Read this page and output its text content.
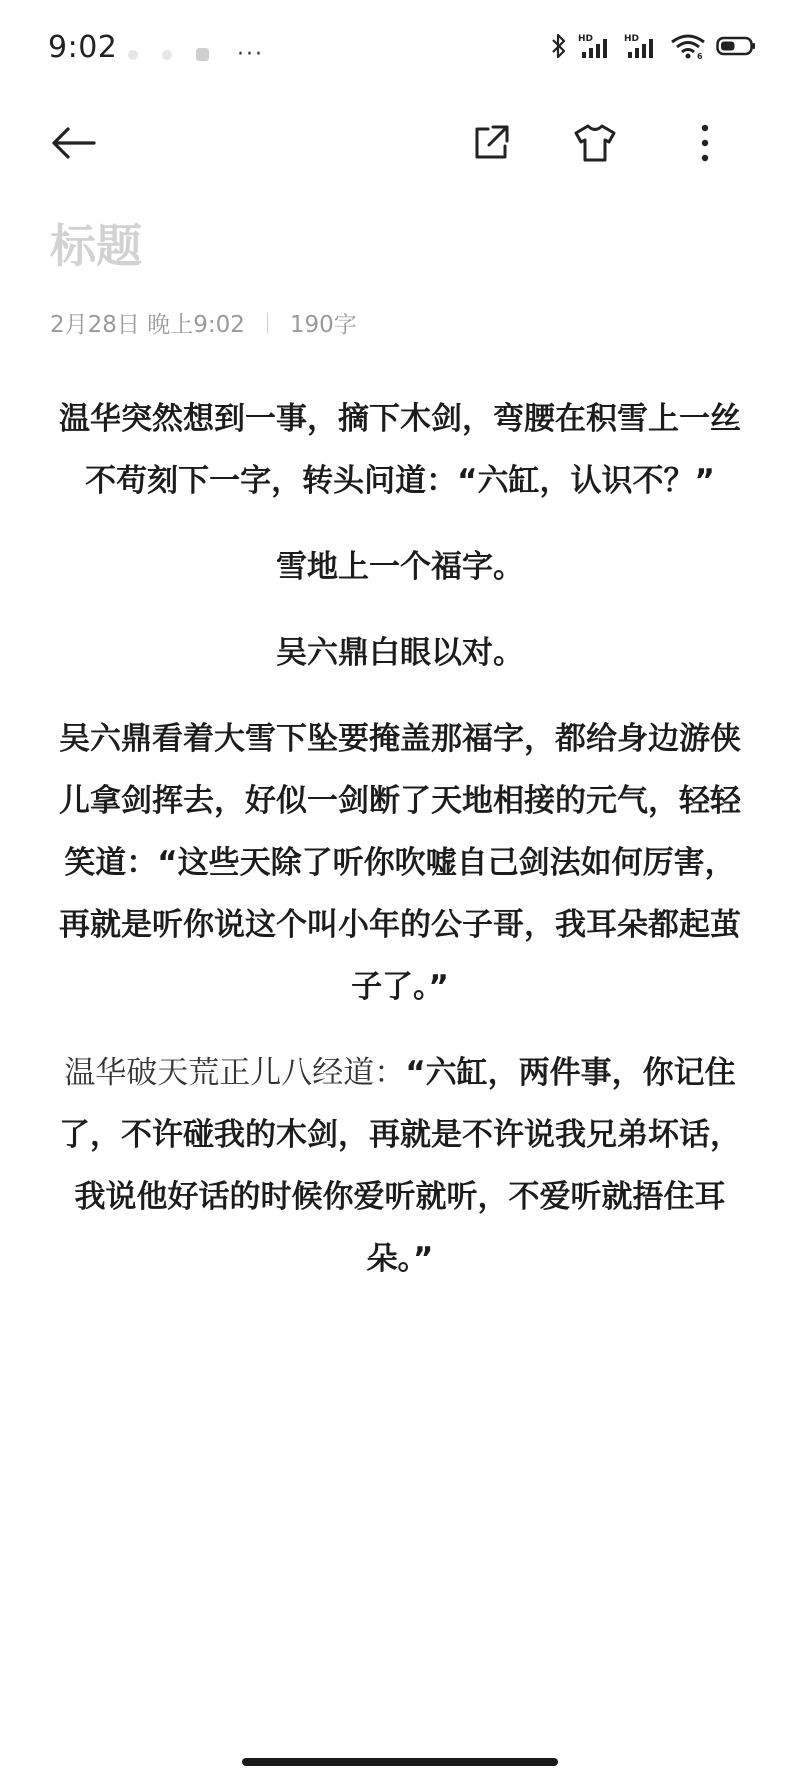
9:02	···
HD	HD
6
标题
2月28日 晚上9:02 190字

温华突然想到一事，摘下木剑，弯腰在积雪上一丝不苟刻下一字，转头问道：“六缸，认识不？”

雪地上一个福字。

吴六鼎白眼以对。

吴六鼎看着大雪下坠要掩盖那福字，都给身边游侠儿拿剑挥去，好似一剑断了天地相接的元气，轻轻笑道：“这些天除了听你吹嘘自己剑法如何厉害，再就是听你说这个叫小年的公子哥，我耳朵都起茧子了。”

温华破天荒正儿八经道：“六缸，两件事，你记住了，不许碰我的木剑，再就是不许说我兄弟坏话，我说他好话的时候你爱听就听，不爱听就捂住耳朵。”
